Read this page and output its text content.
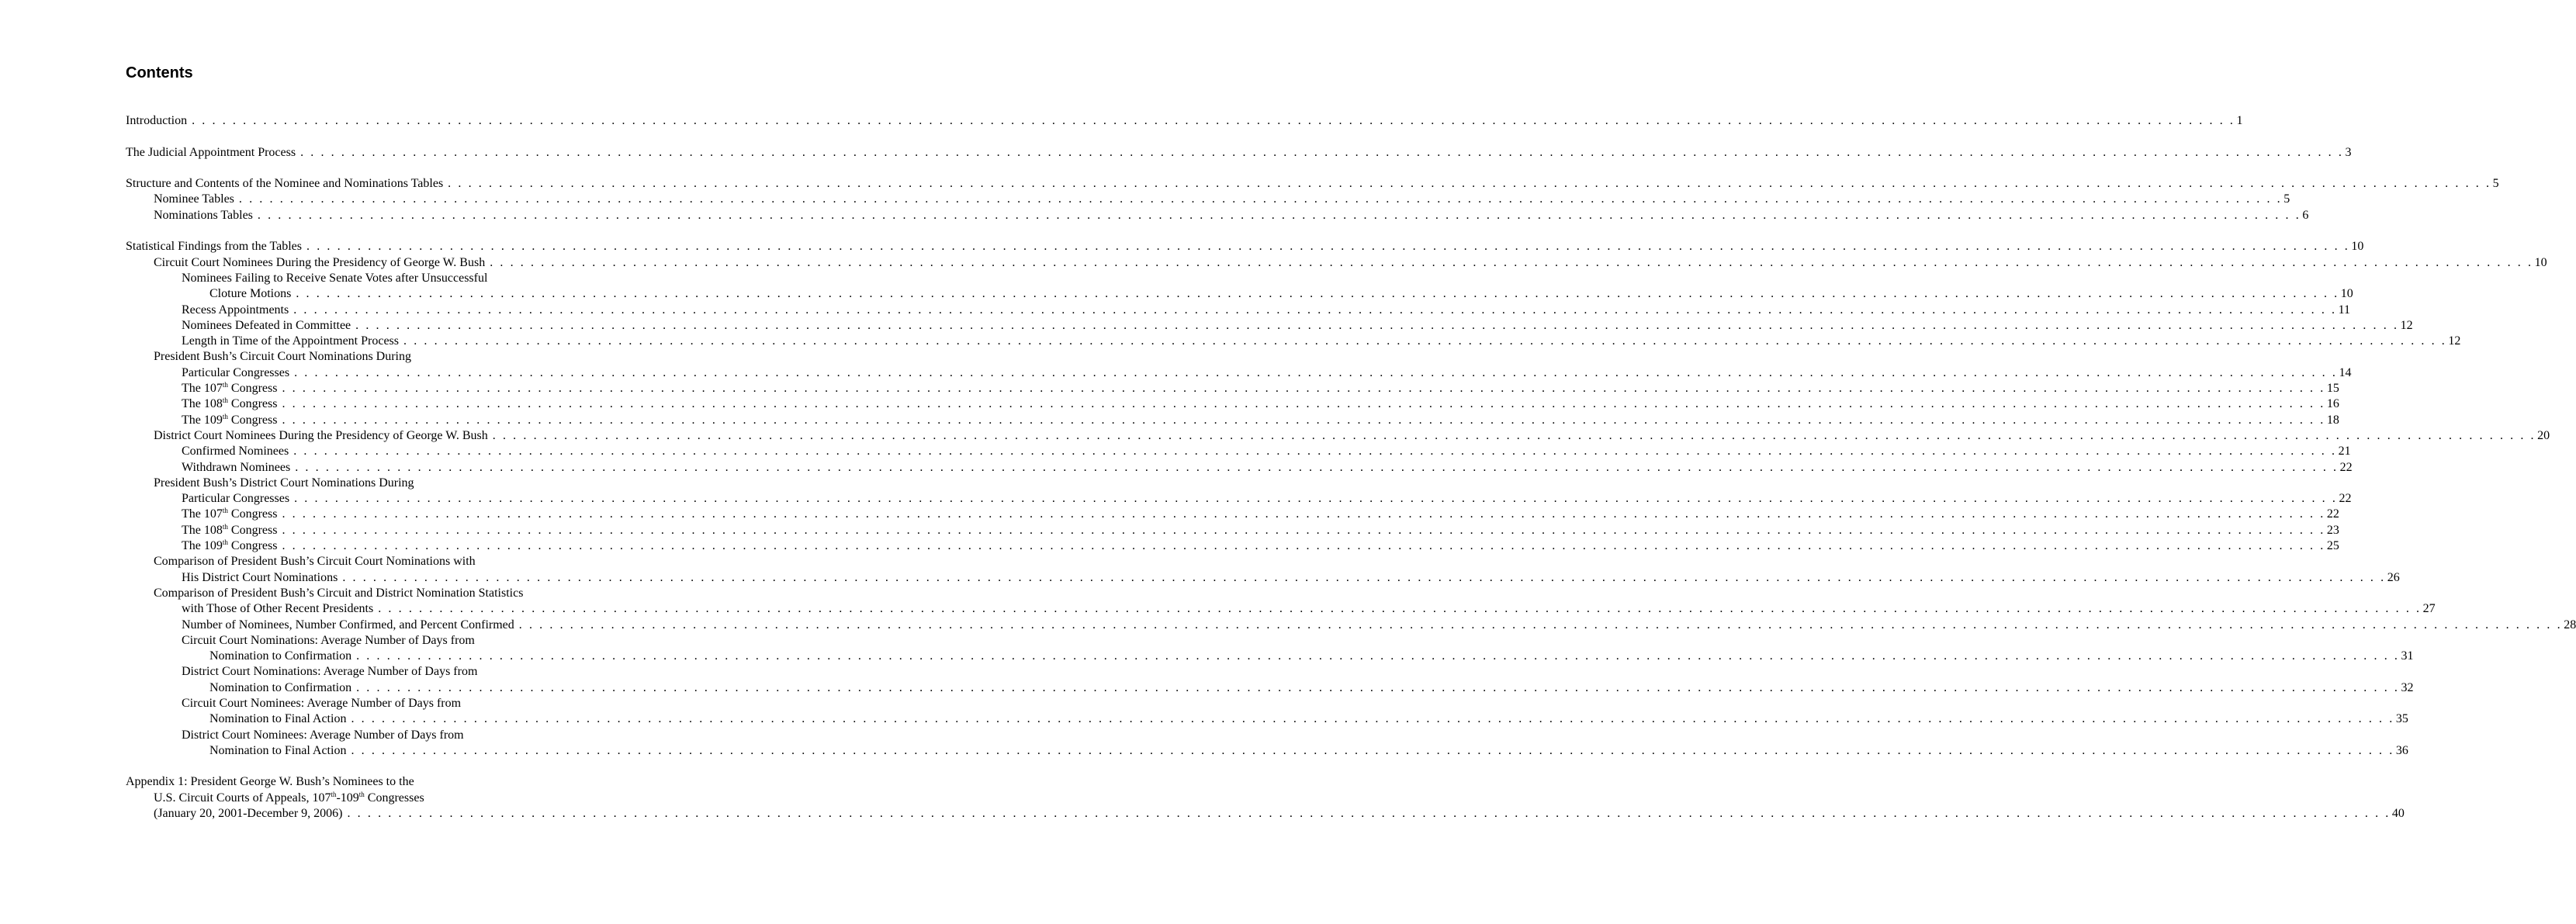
Contents
Introduction . . . . . . . . . . . . . . . . . . . . . . . . . . . . . . . . . . . . . . . . . . . . . . . . . . . . . . . . . . . . . . . . . . . . . . . . . . . . . . . . . . . . . . . . . . . . . . . . . . . . . . . . . . . . . . . . . . . . . . . . . . . . . . . . . . . . . . . . . . . . . . . . . . . . . . . . . . . . . . . . . . . . . . . . . . . . . . . . . . . . . . . . . . . . . . . . . . . . . . . . 1
The Judicial Appointment Process . . . . . . . . . . . . . . . . . . . . . . . . . . . . . . . . . . . . . . . . . . . . . . . . . . . . . . . . . . . . . . . . . . . . . . . . . . . . . . . . . . . . . . . . . . . . . . . . . . . . . . . . . . . . . . . . . . . . . . . . . . . . . . . . . . . . . . . . . . . . . . . . . . . . . . . . . . . . . . . . . . . . . . . . . . . . . . . . . . . . . . . . . . . . . . . . . . . . . . . . 3
Structure and Contents of the Nominee and Nominations Tables . . . . . . . . . . . . . . . . . . . . . . . . . . . . . . . . . . . . . . . . . . . . . . . . . . . . . . . . . . . . . . . . . . . . . . . . . . . . . . . . . . . . . . . . . . . . . . . . . . . . . . . . . . . . . . . . . . . . . . . . . . . . . . . . . . . . . . . . . . . . . . . . . . . . . . . . . . . . . . . . . . . . . . . . . . . . . . . . . . . . . . . . . . . . . . . . . . . . . . . . 5
Nominee Tables . . . . . . . . . . . . . . . . . . . . . . . . . . . . . . . . . . . . . . . . . . . . . . . . . . . . . . . . . . . . . . . . . . . . . . . . . . . . . . . . . . . . . . . . . . . . . . . . . . . . . . . . . . . . . . . . . . . . . . . . . . . . . . . . . . . . . . . . . . . . . . . . . . . . . . . . . . . . . . . . . . . . . . . . . . . . . . . . . . . . . . . . . . . . . . . . . . . . . . . . 5
Nominations Tables . . . . . . . . . . . . . . . . . . . . . . . . . . . . . . . . . . . . . . . . . . . . . . . . . . . . . . . . . . . . . . . . . . . . . . . . . . . . . . . . . . . . . . . . . . . . . . . . . . . . . . . . . . . . . . . . . . . . . . . . . . . . . . . . . . . . . . . . . . . . . . . . . . . . . . . . . . . . . . . . . . . . . . . . . . . . . . . . . . . . . . . . . . . . . . . . . . . . . . . . 6
Statistical Findings from the Tables . . . . . . . . . . . . . . . . . . . . . . . . . . . . . . . . . . . . . . . . . . . . . . . . . . . . . . . . . . . . . . . . . . . . . . . . . . . . . . . . . . . . . . . . . . . . . . . . . . . . . . . . . . . . . . . . . . . . . . . . . . . . . . . . . . . . . . . . . . . . . . . . . . . . . . . . . . . . . . . . . . . . . . . . . . . . . . . . . . . . . . . . . . . . . . . . . . . . . . . . 10
Circuit Court Nominees During the Presidency of George W. Bush . . . . . . . . . . . . . . . . . . . . . . . . . . . . . . . . . . . . . . . . . . . . . . . . . . . . . . . . . . . . . . . . . . . . . . . . . . . . . . . . . . . . . . . . . . . . . . . . . . . . . . . . . . . . . . . . . . . . . . . . . . . . . . . . . . . . . . . . . . . . . . . . . . . . . . . . . . . . . . . . . . . . . . . . . . . . . . . . . . . . . . . . . . . . . . . . . . . . . . . . 10
Nominees Failing to Receive Senate Votes after Unsuccessful
Cloture Motions . . . . . . . . . . . . . . . . . . . . . . . . . . . . . . . . . . . . . . . . . . . . . . . . . . . . . . . . . . . . . . . . . . . . . . . . . . . . . . . . . . . . . . . . . . . . . . . . . . . . . . . . . . . . . . . . . . . . . . . . . . . . . . . . . . . . . . . . . . . . . . . . . . . . . . . . . . . . . . . . . . . . . . . . . . . . . . . . . . . . . . . . . . . . . . . . . . . . . . . . 10
Recess Appointments . . . . . . . . . . . . . . . . . . . . . . . . . . . . . . . . . . . . . . . . . . . . . . . . . . . . . . . . . . . . . . . . . . . . . . . . . . . . . . . . . . . . . . . . . . . . . . . . . . . . . . . . . . . . . . . . . . . . . . . . . . . . . . . . . . . . . . . . . . . . . . . . . . . . . . . . . . . . . . . . . . . . . . . . . . . . . . . . . . . . . . . . . . . . . . . . . . . . . . . . 11
Nominees Defeated in Committee . . . . . . . . . . . . . . . . . . . . . . . . . . . . . . . . . . . . . . . . . . . . . . . . . . . . . . . . . . . . . . . . . . . . . . . . . . . . . . . . . . . . . . . . . . . . . . . . . . . . . . . . . . . . . . . . . . . . . . . . . . . . . . . . . . . . . . . . . . . . . . . . . . . . . . . . . . . . . . . . . . . . . . . . . . . . . . . . . . . . . . . . . . . . . . . . . . . . . . . . 12
Length in Time of the Appointment Process . . . . . . . . . . . . . . . . . . . . . . . . . . . . . . . . . . . . . . . . . . . . . . . . . . . . . . . . . . . . . . . . . . . . . . . . . . . . . . . . . . . . . . . . . . . . . . . . . . . . . . . . . . . . . . . . . . . . . . . . . . . . . . . . . . . . . . . . . . . . . . . . . . . . . . . . . . . . . . . . . . . . . . . . . . . . . . . . . . . . . . . . . . . . . . . . . . . . . . . . 12
President Bush’s Circuit Court Nominations During
Particular Congresses . . . . . . . . . . . . . . . . . . . . . . . . . . . . . . . . . . . . . . . . . . . . . . . . . . . . . . . . . . . . . . . . . . . . . . . . . . . . . . . . . . . . . . . . . . . . . . . . . . . . . . . . . . . . . . . . . . . . . . . . . . . . . . . . . . . . . . . . . . . . . . . . . . . . . . . . . . . . . . . . . . . . . . . . . . . . . . . . . . . . . . . . . . . . . . . . . . . . . . . . 14
The 107th Congress . . . . . . . . . . . . . . . . . . . . . . . . . . . . . . . . . . . . . . . . . . . . . . . . . . . . . . . . . . . . . . . . . . . . . . . . . . . . . . . . . . . . . . . . . . . . . . . . . . . . . . . . . . . . . . . . . . . . . . . . . . . . . . . . . . . . . . . . . . . . . . . . . . . . . . . . . . . . . . . . . . . . . . . . . . . . . . . . . . . . . . . . . . . . . . . . . . . . . . . . 15
The 108th Congress . . . . . . . . . . . . . . . . . . . . . . . . . . . . . . . . . . . . . . . . . . . . . . . . . . . . . . . . . . . . . . . . . . . . . . . . . . . . . . . . . . . . . . . . . . . . . . . . . . . . . . . . . . . . . . . . . . . . . . . . . . . . . . . . . . . . . . . . . . . . . . . . . . . . . . . . . . . . . . . . . . . . . . . . . . . . . . . . . . . . . . . . . . . . . . . . . . . . . . . . 16
The 109th Congress . . . . . . . . . . . . . . . . . . . . . . . . . . . . . . . . . . . . . . . . . . . . . . . . . . . . . . . . . . . . . . . . . . . . . . . . . . . . . . . . . . . . . . . . . . . . . . . . . . . . . . . . . . . . . . . . . . . . . . . . . . . . . . . . . . . . . . . . . . . . . . . . . . . . . . . . . . . . . . . . . . . . . . . . . . . . . . . . . . . . . . . . . . . . . . . . . . . . . . . . 18
District Court Nominees During the Presidency of George W. Bush . . . . . . . . . . . . . . . . . . . . . . . . . . . . . . . . . . . . . . . . . . . . . . . . . . . . . . . . . . . . . . . . . . . . . . . . . . . . . . . . . . . . . . . . . . . . . . . . . . . . . . . . . . . . . . . . . . . . . . . . . . . . . . . . . . . . . . . . . . . . . . . . . . . . . . . . . . . . . . . . . . . . . . . . . . . . . . . . . . . . . . . . . . . . . . . . . . . . . . . . 20
Confirmed Nominees . . . . . . . . . . . . . . . . . . . . . . . . . . . . . . . . . . . . . . . . . . . . . . . . . . . . . . . . . . . . . . . . . . . . . . . . . . . . . . . . . . . . . . . . . . . . . . . . . . . . . . . . . . . . . . . . . . . . . . . . . . . . . . . . . . . . . . . . . . . . . . . . . . . . . . . . . . . . . . . . . . . . . . . . . . . . . . . . . . . . . . . . . . . . . . . . . . . . . . . . 21
Withdrawn Nominees . . . . . . . . . . . . . . . . . . . . . . . . . . . . . . . . . . . . . . . . . . . . . . . . . . . . . . . . . . . . . . . . . . . . . . . . . . . . . . . . . . . . . . . . . . . . . . . . . . . . . . . . . . . . . . . . . . . . . . . . . . . . . . . . . . . . . . . . . . . . . . . . . . . . . . . . . . . . . . . . . . . . . . . . . . . . . . . . . . . . . . . . . . . . . . . . . . . . . . . . 22
President Bush’s District Court Nominations During
Particular Congresses . . . . . . . . . . . . . . . . . . . . . . . . . . . . . . . . . . . . . . . . . . . . . . . . . . . . . . . . . . . . . . . . . . . . . . . . . . . . . . . . . . . . . . . . . . . . . . . . . . . . . . . . . . . . . . . . . . . . . . . . . . . . . . . . . . . . . . . . . . . . . . . . . . . . . . . . . . . . . . . . . . . . . . . . . . . . . . . . . . . . . . . . . . . . . . . . . . . . . . . . 22
The 107th Congress . . . . . . . . . . . . . . . . . . . . . . . . . . . . . . . . . . . . . . . . . . . . . . . . . . . . . . . . . . . . . . . . . . . . . . . . . . . . . . . . . . . . . . . . . . . . . . . . . . . . . . . . . . . . . . . . . . . . . . . . . . . . . . . . . . . . . . . . . . . . . . . . . . . . . . . . . . . . . . . . . . . . . . . . . . . . . . . . . . . . . . . . . . . . . . . . . . . . . . . . 22
The 108th Congress . . . . . . . . . . . . . . . . . . . . . . . . . . . . . . . . . . . . . . . . . . . . . . . . . . . . . . . . . . . . . . . . . . . . . . . . . . . . . . . . . . . . . . . . . . . . . . . . . . . . . . . . . . . . . . . . . . . . . . . . . . . . . . . . . . . . . . . . . . . . . . . . . . . . . . . . . . . . . . . . . . . . . . . . . . . . . . . . . . . . . . . . . . . . . . . . . . . . . . . . 23
The 109th Congress . . . . . . . . . . . . . . . . . . . . . . . . . . . . . . . . . . . . . . . . . . . . . . . . . . . . . . . . . . . . . . . . . . . . . . . . . . . . . . . . . . . . . . . . . . . . . . . . . . . . . . . . . . . . . . . . . . . . . . . . . . . . . . . . . . . . . . . . . . . . . . . . . . . . . . . . . . . . . . . . . . . . . . . . . . . . . . . . . . . . . . . . . . . . . . . . . . . . . . . . 25
Comparison of President Bush’s Circuit Court Nominations with
His District Court Nominations . . . . . . . . . . . . . . . . . . . . . . . . . . . . . . . . . . . . . . . . . . . . . . . . . . . . . . . . . . . . . . . . . . . . . . . . . . . . . . . . . . . . . . . . . . . . . . . . . . . . . . . . . . . . . . . . . . . . . . . . . . . . . . . . . . . . . . . . . . . . . . . . . . . . . . . . . . . . . . . . . . . . . . . . . . . . . . . . . . . . . . . . . . . . . . . . . . . . . . . . 26
Comparison of President Bush’s Circuit and District Nomination Statistics
with Those of Other Recent Presidents . . . . . . . . . . . . . . . . . . . . . . . . . . . . . . . . . . . . . . . . . . . . . . . . . . . . . . . . . . . . . . . . . . . . . . . . . . . . . . . . . . . . . . . . . . . . . . . . . . . . . . . . . . . . . . . . . . . . . . . . . . . . . . . . . . . . . . . . . . . . . . . . . . . . . . . . . . . . . . . . . . . . . . . . . . . . . . . . . . . . . . . . . . . . . . . . . . . . . . . . 27
Number of Nominees, Number Confirmed, and Percent Confirmed . . . . . . . . . . . . . . . . . . . . . . . . . . . . . . . . . . . . . . . . . . . . . . . . . . . . . . . . . . . . . . . . . . . . . . . . . . . . . . . . . . . . . . . . . . . . . . . . . . . . . . . . . . . . . . . . . . . . . . . . . . . . . . . . . . . . . . . . . . . . . . . . . . . . . . . . . . . . . . . . . . . . . . . . . . . . . . . . . . . . . . . . . . . . . . . . . . . . . . . . 28
Circuit Court Nominations: Average Number of Days from
Nomination to Confirmation . . . . . . . . . . . . . . . . . . . . . . . . . . . . . . . . . . . . . . . . . . . . . . . . . . . . . . . . . . . . . . . . . . . . . . . . . . . . . . . . . . . . . . . . . . . . . . . . . . . . . . . . . . . . . . . . . . . . . . . . . . . . . . . . . . . . . . . . . . . . . . . . . . . . . . . . . . . . . . . . . . . . . . . . . . . . . . . . . . . . . . . . . . . . . . . . . . . . . . . . 31
District Court Nominations: Average Number of Days from
Nomination to Confirmation . . . . . . . . . . . . . . . . . . . . . . . . . . . . . . . . . . . . . . . . . . . . . . . . . . . . . . . . . . . . . . . . . . . . . . . . . . . . . . . . . . . . . . . . . . . . . . . . . . . . . . . . . . . . . . . . . . . . . . . . . . . . . . . . . . . . . . . . . . . . . . . . . . . . . . . . . . . . . . . . . . . . . . . . . . . . . . . . . . . . . . . . . . . . . . . . . . . . . . . . 32
Circuit Court Nominees: Average Number of Days from
Nomination to Final Action . . . . . . . . . . . . . . . . . . . . . . . . . . . . . . . . . . . . . . . . . . . . . . . . . . . . . . . . . . . . . . . . . . . . . . . . . . . . . . . . . . . . . . . . . . . . . . . . . . . . . . . . . . . . . . . . . . . . . . . . . . . . . . . . . . . . . . . . . . . . . . . . . . . . . . . . . . . . . . . . . . . . . . . . . . . . . . . . . . . . . . . . . . . . . . . . . . . . . . . . 35
District Court Nominees: Average Number of Days from
Nomination to Final Action . . . . . . . . . . . . . . . . . . . . . . . . . . . . . . . . . . . . . . . . . . . . . . . . . . . . . . . . . . . . . . . . . . . . . . . . . . . . . . . . . . . . . . . . . . . . . . . . . . . . . . . . . . . . . . . . . . . . . . . . . . . . . . . . . . . . . . . . . . . . . . . . . . . . . . . . . . . . . . . . . . . . . . . . . . . . . . . . . . . . . . . . . . . . . . . . . . . . . . . . 36
Appendix 1: President George W. Bush’s Nominees to the
U.S. Circuit Courts of Appeals, 107th-109th Congresses
(January 20, 2001-December 9, 2006) . . . . . . . . . . . . . . . . . . . . . . . . . . . . . . . . . . . . . . . . . . . . . . . . . . . . . . . . . . . . . . . . . . . . . . . . . . . . . . . . . . . . . . . . . . . . . . . . . . . . . . . . . . . . . . . . . . . . . . . . . . . . . . . . . . . . . . . . . . . . . . . . . . . . . . . . . . . . . . . . . . . . . . . . . . . . . . . . . . . . . . . . . . . . . . . . . . . . . . . . 40
